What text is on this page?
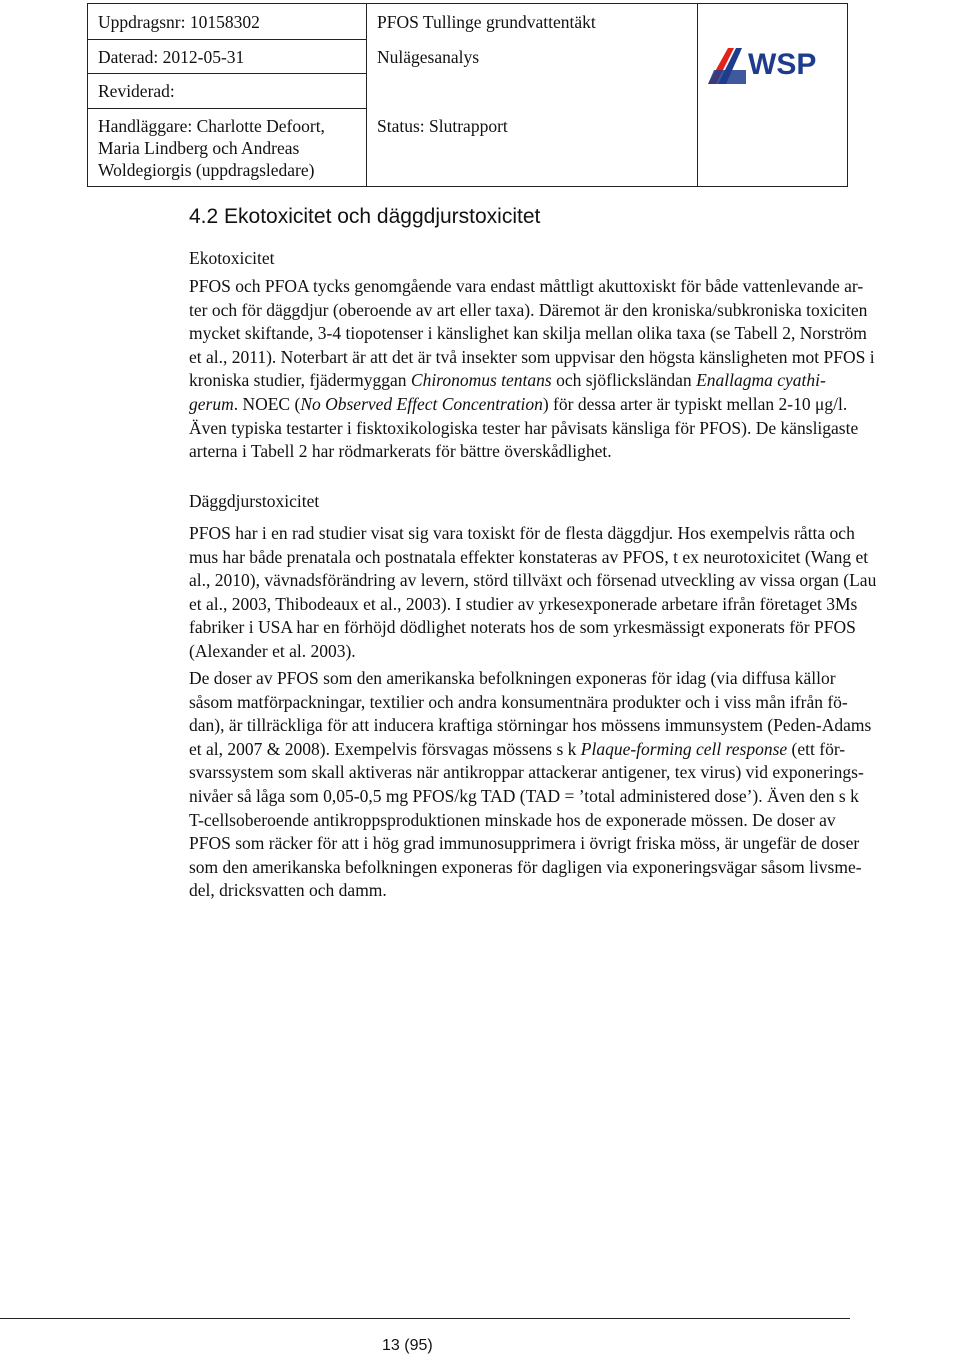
Uppdragsnr: 10158302
Daterad: 2012-05-31
Reviderad:
Handläggare: Charlotte Defoort,
Maria Lindberg och Andreas
Woldegiorgis (uppdragsledare)
PFOS Tullinge grundvattentäkt
Nulägesanalys
Status: Slutrapport
WSP
4.2 Ekotoxicitet och däggdjurstoxicitet
Ekotoxicitet
PFOS och PFOA tycks genomgående vara endast måttligt akuttoxiskt för både vattenlevande ar-
ter och för däggdjur (oberoende av art eller taxa). Däremot är den kroniska/subkroniska toxiciten
mycket skiftande, 3-4 tiopotenser i känslighet kan skilja mellan olika taxa (se Tabell 2, Norström
et al., 2011). Noterbart är att det är två insekter som uppvisar den högsta känsligheten mot PFOS i
kroniska studier, fjädermyggan Chironomus tentans och sjöflicksländan Enallagma cyathi-
gerum. NOEC (No Observed Effect Concentration) för dessa arter är typiskt mellan 2-10 μg/l.
Även typiska testarter i fisktoxikologiska tester har påvisats känsliga för PFOS). De känsligaste
arterna i Tabell 2 har rödmarkerats för bättre överskådlighet.
Däggdjurstoxicitet
PFOS har i en rad studier visat sig vara toxiskt för de flesta däggdjur. Hos exempelvis råtta och
mus har både prenatala och postnatala effekter konstateras av PFOS, t ex neurotoxicitet (Wang et
al., 2010), vävnadsförändring av levern, störd tillväxt och försenad utveckling av vissa organ (Lau
et al., 2003, Thibodeaux et al., 2003). I studier av yrkesexponerade arbetare ifrån företaget 3Ms
fabriker i USA har en förhöjd dödlighet noterats hos de som yrkesmässigt exponerats för PFOS
(Alexander et al. 2003).
De doser av PFOS som den amerikanska befolkningen exponeras för idag (via diffusa källor
såsom matförpackningar, textilier och andra konsumentnära produkter och i viss mån ifrån fö-
dan), är tillräckliga för att inducera kraftiga störningar hos mössens immunsystem (Peden-Adams
et al, 2007 & 2008). Exempelvis försvagas mössens s k Plaque-forming cell response (ett för-
svarssystem som skall aktiveras när antikroppar attackerar antigener, tex virus) vid exponerings-
nivåer så låga som 0,05-0,5 mg PFOS/kg TAD (TAD = ’total administered dose’). Även den s k
T-cellsoberoende antikroppsproduktionen minskade hos de exponerade mössen. De doser av
PFOS som räcker för att i hög grad immunosupprimera i övrigt friska möss, är ungefär de doser
som den amerikanska befolkningen exponeras för dagligen via exponeringsvägar såsom livsme-
del, dricksvatten och damm.
13 (95)
